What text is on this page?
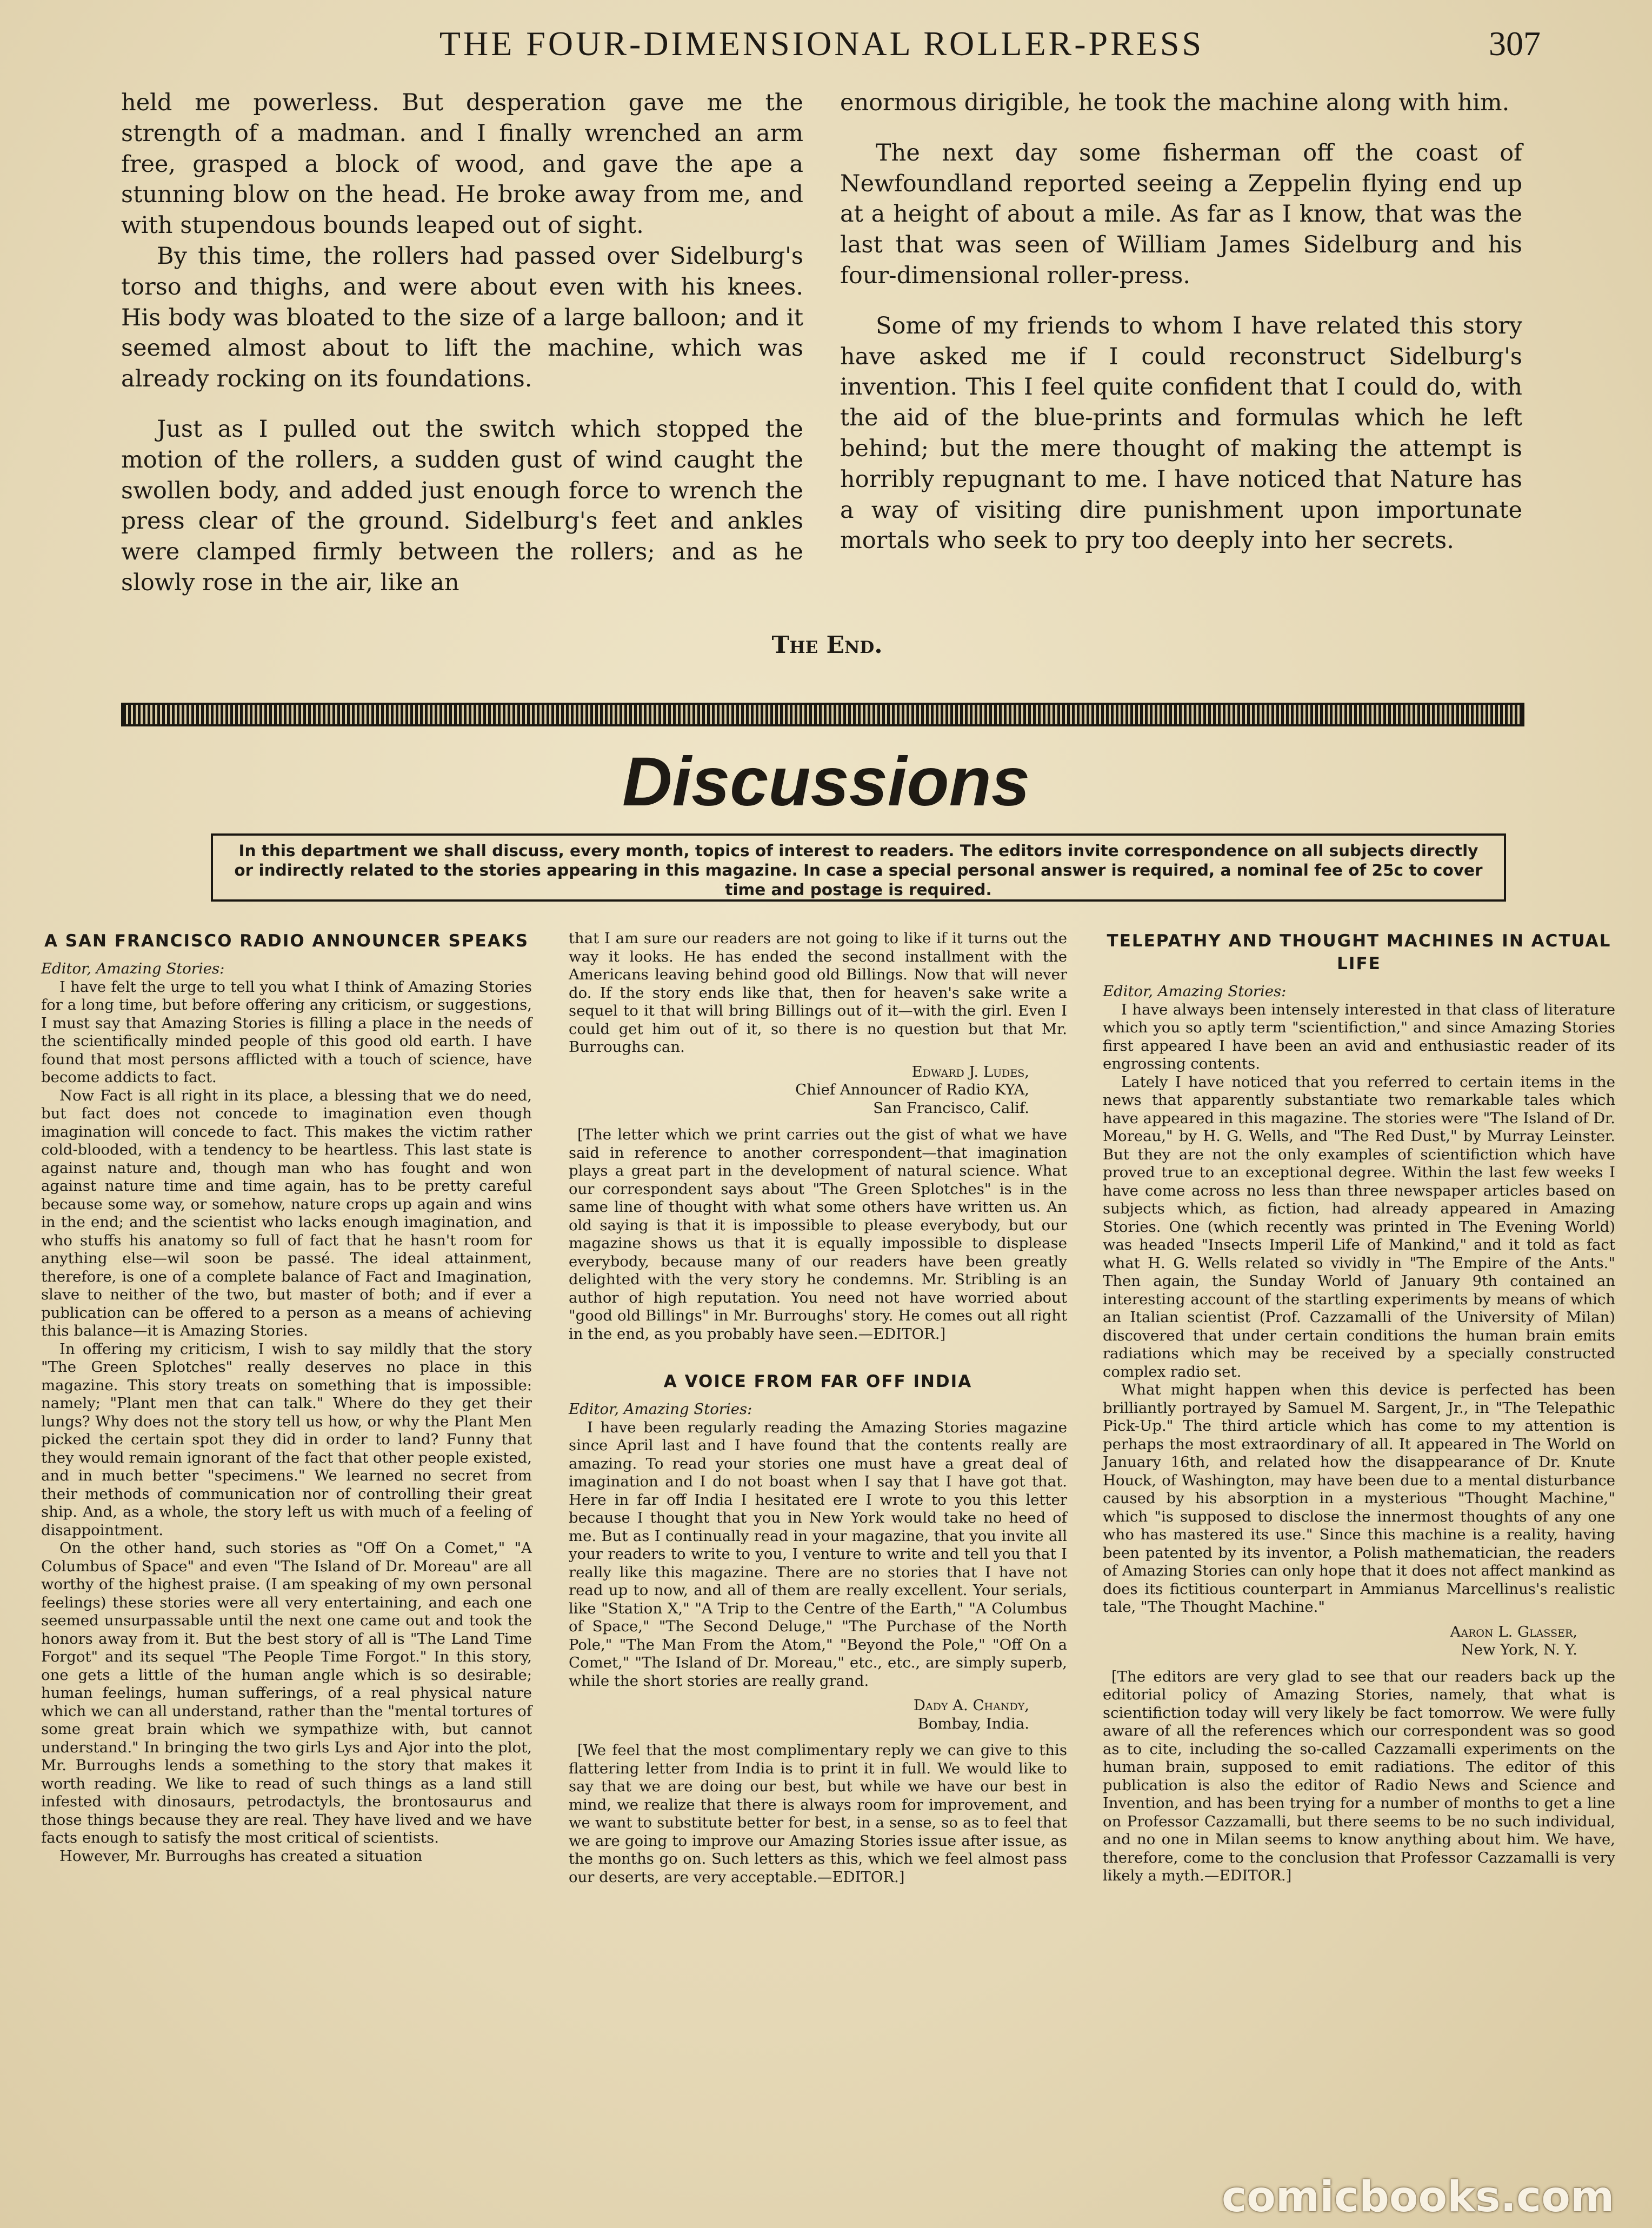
THE FOUR-DIMENSIONAL ROLLER-PRESS	307

held me powerless. But desperation gave me the strength of a madman. and I finally wrenched an arm free, grasped a block of wood, and gave the ape a stunning blow on the head. He broke away from me, and with stupendous bounds leaped out of sight.

By this time, the rollers had passed over Sidelburg's torso and thighs, and were about even with his knees. His body was bloated to the size of a large balloon; and it seemed almost about to lift the machine, which was already rocking on its foundations.

Just as I pulled out the switch which stopped the motion of the rollers, a sudden gust of wind caught the swollen body, and added just enough force to wrench the press clear of the ground. Sidelburg's feet and ankles were clamped firmly between the rollers; and as he slowly rose in the air, like an

enormous dirigible, he took the machine along with him.

The next day some fisherman off the coast of Newfoundland reported seeing a Zeppelin flying end up at a height of about a mile. As far as I know, that was the last that was seen of William James Sidelburg and his four-dimensional roller-press.

Some of my friends to whom I have related this story have asked me if I could reconstruct Sidelburg's invention. This I feel quite confident that I could do, with the aid of the blue-prints and formulas which he left behind; but the mere thought of making the attempt is horribly repugnant to me. I have noticed that Nature has a way of visiting dire punishment upon importunate mortals who seek to pry too deeply into her secrets.

The End.
Discussions
In this department we shall discuss, every month, topics of interest to readers. The editors invite correspondence on all subjects directly or indirectly related to the stories appearing in this magazine. In case a special personal answer is required, a nominal fee of 25c to cover time and postage is required.
A SAN FRANCISCO RADIO ANNOUNCER SPEAKS

Editor, Amazing Stories:

I have felt the urge to tell you what I think of Amazing Stories for a long time, but before offering any criticism, or suggestions, I must say that Amazing Stories is filling a place in the needs of the scientifically minded people of this good old earth. I have found that most persons afflicted with a touch of science, have become addicts to fact.

Now Fact is all right in its place, a blessing that we do need, but fact does not concede to imagination even though imagination will concede to fact. This makes the victim rather cold-blooded, with a tendency to be heartless. This last state is against nature and, though man who has fought and won against nature time and time again, has to be pretty careful because some way, or somehow, nature crops up again and wins in the end; and the scientist who lacks enough imagination, and who stuffs his anatomy so full of fact that he hasn't room for anything else—wil soon be passé. The ideal attainment, therefore, is one of a complete balance of Fact and Imagination, slave to neither of the two, but master of both; and if ever a publication can be offered to a person as a means of achieving this balance—it is Amazing Stories.

In offering my criticism, I wish to say mildly that the story "The Green Splotches" really deserves no place in this magazine. This story treats on something that is impossible: namely; "Plant men that can talk." Where do they get their lungs? Why does not the story tell us how, or why the Plant Men picked the certain spot they did in order to land? Funny that they would remain ignorant of the fact that other people existed, and in much better "specimens." We learned no secret from their methods of communication nor of controlling their great ship. And, as a whole, the story left us with much of a feeling of disappointment.

On the other hand, such stories as "Off On a Comet," "A Columbus of Space" and even "The Island of Dr. Moreau" are all worthy of the highest praise. (I am speaking of my own personal feelings) these stories were all very entertaining, and each one seemed unsurpassable until the next one came out and took the honors away from it. But the best story of all is "The Land Time Forgot" and its sequel "The People Time Forgot." In this story, one gets a little of the human angle which is so desirable; human feelings, human sufferings, of a real physical nature which we can all understand, rather than the "mental tortures of some great brain which we sympathize with, but cannot understand." In bringing the two girls Lys and Ajor into the plot, Mr. Burroughs lends a something to the story that makes it worth reading. We like to read of such things as a land still infested with dinosaurs, petrodactyls, the brontosaurus and those things because they are real. They have lived and we have facts enough to satisfy the most critical of scientists.

However, Mr. Burroughs has created a situation

that I am sure our readers are not going to like if it turns out the way it looks. He has ended the second installment with the Americans leaving behind good old Billings. Now that will never do. If the story ends like that, then for heaven's sake write a sequel to it that will bring Billings out of it—with the girl. Even I could get him out of it, so there is no question but that Mr. Burroughs can.

Edward J. Ludes,
Chief Announcer of Radio KYA,
San Francisco, Calif.

[The letter which we print carries out the gist of what we have said in reference to another correspondent—that imagination plays a great part in the development of natural science. What our correspondent says about "The Green Splotches" is in the same line of thought with what some others have written us. An old saying is that it is impossible to please everybody, but our magazine shows us that it is equally impossible to displease everybody, because many of our readers have been greatly delighted with the very story he condemns. Mr. Stribling is an author of high reputation. You need not have worried about "good old Billings" in Mr. Burroughs' story. He comes out all right in the end, as you probably have seen.—EDITOR.]

A VOICE FROM FAR OFF INDIA

Editor, Amazing Stories:

I have been regularly reading the Amazing Stories magazine since April last and I have found that the contents really are amazing. To read your stories one must have a great deal of imagination and I do not boast when I say that I have got that. Here in far off India I hesitated ere I wrote to you this letter because I thought that you in New York would take no heed of me. But as I continually read in your magazine, that you invite all your readers to write to you, I venture to write and tell you that I really like this magazine. There are no stories that I have not read up to now, and all of them are really excellent. Your serials, like "Station X," "A Trip to the Centre of the Earth," "A Columbus of Space," "The Second Deluge," "The Purchase of the North Pole," "The Man From the Atom," "Beyond the Pole," "Off On a Comet," "The Island of Dr. Moreau," etc., etc., are simply superb, while the short stories are really grand.

Dady A. Chandy,
Bombay, India.

[We feel that the most complimentary reply we can give to this flattering letter from India is to print it in full. We would like to say that we are doing our best, but while we have our best in mind, we realize that there is always room for improvement, and we want to substitute better for best, in a sense, so as to feel that we are going to improve our Amazing Stories issue after issue, as the months go on. Such letters as this, which we feel almost pass our deserts, are very acceptable.—EDITOR.]

TELEPATHY AND THOUGHT MACHINES IN ACTUAL LIFE

Editor, Amazing Stories:

I have always been intensely interested in that class of literature which you so aptly term "scientifiction," and since Amazing Stories first appeared I have been an avid and enthusiastic reader of its engrossing contents.

Lately I have noticed that you referred to certain items in the news that apparently substantiate two remarkable tales which have appeared in this magazine. The stories were "The Island of Dr. Moreau," by H. G. Wells, and "The Red Dust," by Murray Leinster. But they are not the only examples of scientifiction which have proved true to an exceptional degree. Within the last few weeks I have come across no less than three newspaper articles based on subjects which, as fiction, had already appeared in Amazing Stories. One (which recently was printed in The Evening World) was headed "Insects Imperil Life of Mankind," and it told as fact what H. G. Wells related so vividly in "The Empire of the Ants." Then again, the Sunday World of January 9th contained an interesting account of the startling experiments by means of which an Italian scientist (Prof. Cazzamalli of the University of Milan) discovered that under certain conditions the human brain emits radiations which may be received by a specially constructed complex radio set.

What might happen when this device is perfected has been brilliantly portrayed by Samuel M. Sargent, Jr., in "The Telepathic Pick-Up." The third article which has come to my attention is perhaps the most extraordinary of all. It appeared in The World on January 16th, and related how the disappearance of Dr. Knute Houck, of Washington, may have been due to a mental disturbance caused by his absorption in a mysterious "Thought Machine," which "is supposed to disclose the innermost thoughts of any one who has mastered its use." Since this machine is a reality, having been patented by its inventor, a Polish mathematician, the readers of Amazing Stories can only hope that it does not affect mankind as does its fictitious counterpart in Ammianus Marcellinus's realistic tale, "The Thought Machine."

Aaron L. Glasser,
New York, N. Y.

[The editors are very glad to see that our readers back up the editorial policy of Amazing Stories, namely, that what is scientifiction today will very likely be fact tomorrow. We were fully aware of all the references which our correspondent was so good as to cite, including the so-called Cazzamalli experiments on the human brain, supposed to emit radiations. The editor of this publication is also the editor of Radio News and Science and Invention, and has been trying for a number of months to get a line on Professor Cazzamalli, but there seems to be no such individual, and no one in Milan seems to know anything about him. We have, therefore, come to the conclusion that Professor Cazzamalli is very likely a myth.—EDITOR.]

comicbooks.com
